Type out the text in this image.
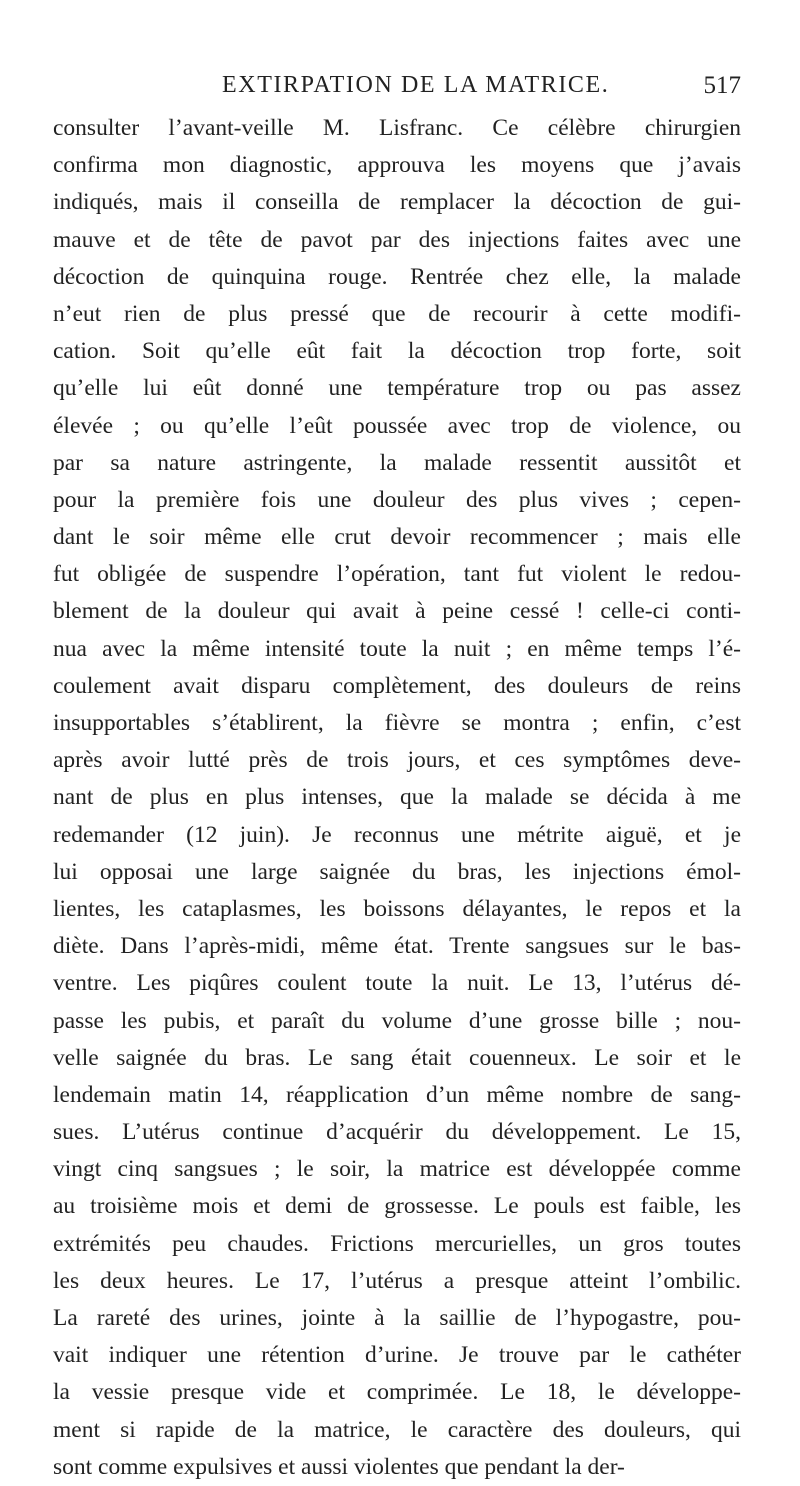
EXTIRPATION DE LA MATRICE.	517
consulter l’avant-veille M. Lisfranc. Ce célèbre chirurgien
confirma mon diagnostic, approuva les moyens que j’avais
indiqués, mais il conseilla de remplacer la décoction de gui-
mauve et de tête de pavot par des injections faites avec une
décoction de quinquina rouge. Rentrée chez elle, la malade
n’eut rien de plus pressé que de recourir à cette modifi-
cation. Soit qu’elle eût fait la décoction trop forte, soit
qu’elle lui eût donné une température trop ou pas assez
élevée ; ou qu’elle l’eût poussée avec trop de violence, ou
par sa nature astringente, la malade ressentit aussitôt et
pour la première fois une douleur des plus vives ; cepen-
dant le soir même elle crut devoir recommencer ; mais elle
fut obligée de suspendre l’opération, tant fut violent le redou-
blement de la douleur qui avait à peine cessé ! celle-ci conti-
nua avec la même intensité toute la nuit ; en même temps l’é-
coulement avait disparu complètement, des douleurs de reins
insupportables s’établirent, la fièvre se montra ; enfin, c’est
après avoir lutté près de trois jours, et ces symptômes deve-
nant de plus en plus intenses, que la malade se décida à me
redemander (12 juin). Je reconnus une métrite aiguë, et je
lui opposai une large saignée du bras, les injections émol-
lientes, les cataplasmes, les boissons délayantes, le repos et la
diète. Dans l’après-midi, même état. Trente sangsues sur le bas-
ventre. Les piqûres coulent toute la nuit. Le 13, l’utérus dé-
passe les pubis, et paraît du volume d’une grosse bille ; nou-
velle saignée du bras. Le sang était couenneux. Le soir et le
lendemain matin 14, réapplication d’un même nombre de sang-
sues. L’utérus continue d’acquérir du développement. Le 15,
vingt cinq sangsues ; le soir, la matrice est développée comme
au troisième mois et demi de grossesse. Le pouls est faible, les
extrémités peu chaudes. Frictions mercurielles, un gros toutes
les deux heures. Le 17, l’utérus a presque atteint l’ombilic.
La rareté des urines, jointe à la saillie de l’hypogastre, pou-
vait indiquer une rétention d’urine. Je trouve par le cathéter
la vessie presque vide et comprimée. Le 18, le développe-
ment si rapide de la matrice, le caractère des douleurs, qui
sont comme expulsives et aussi violentes que pendant la der-
